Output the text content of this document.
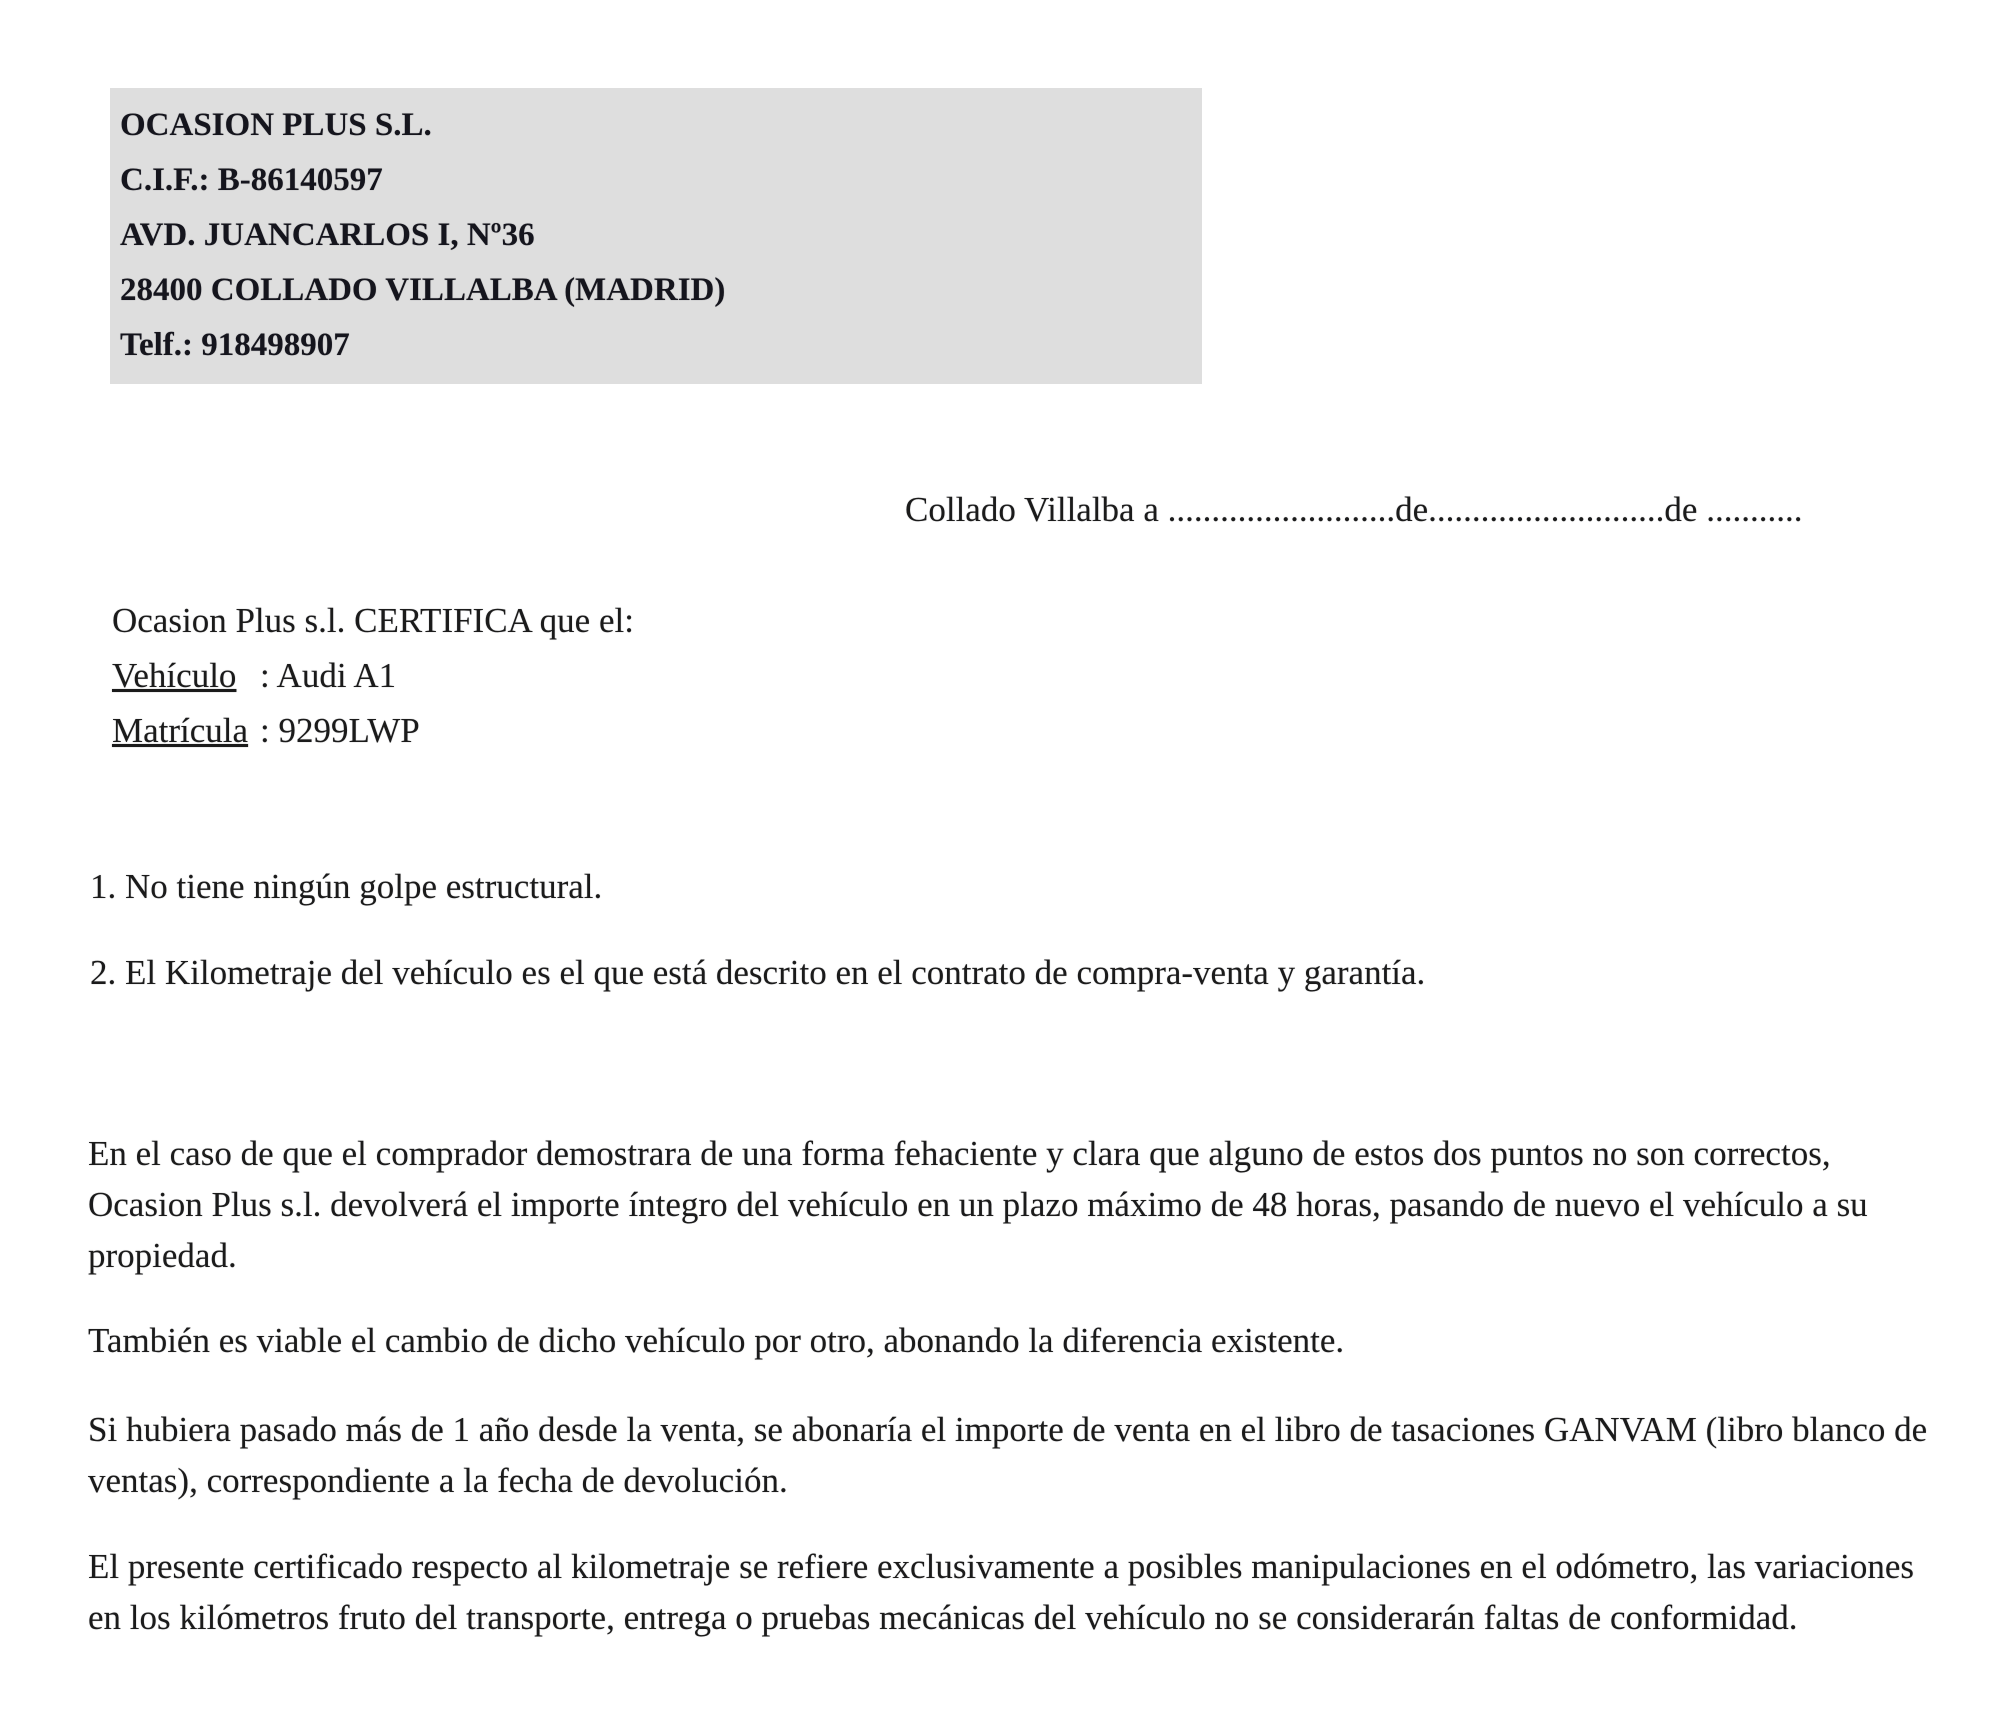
OCASION PLUS S.L.
C.I.F.: B-86140597
AVD. JUANCARLOS I, Nº36
28400 COLLADO VILLALBA (MADRID)
Telf.: 918498907

Collado Villalba a ..........................de...........................de ...........

Ocasion Plus s.l. CERTIFICA que el:

Vehículo : Audi A1

Matrícula : 9299LWP

1. No tiene ningún golpe estructural.

2. El Kilometraje del vehículo es el que está descrito en el contrato de compra-venta y garantía.

En el caso de que el comprador demostrara de una forma fehaciente y clara que alguno de estos dos puntos no son correctos, Ocasion Plus s.l. devolverá el importe íntegro del vehículo en un plazo máximo de 48 horas, pasando de nuevo el vehículo a su propiedad.

También es viable el cambio de dicho vehículo por otro, abonando la diferencia existente.

Si hubiera pasado más de 1 año desde la venta, se abonaría el importe de venta en el libro de tasaciones GANVAM (libro blanco de ventas), correspondiente a la fecha de devolución.

El presente certificado respecto al kilometraje se refiere exclusivamente a posibles manipulaciones en el odómetro, las variaciones en los kilómetros fruto del transporte, entrega o pruebas mecánicas del vehículo no se considerarán faltas de conformidad.
